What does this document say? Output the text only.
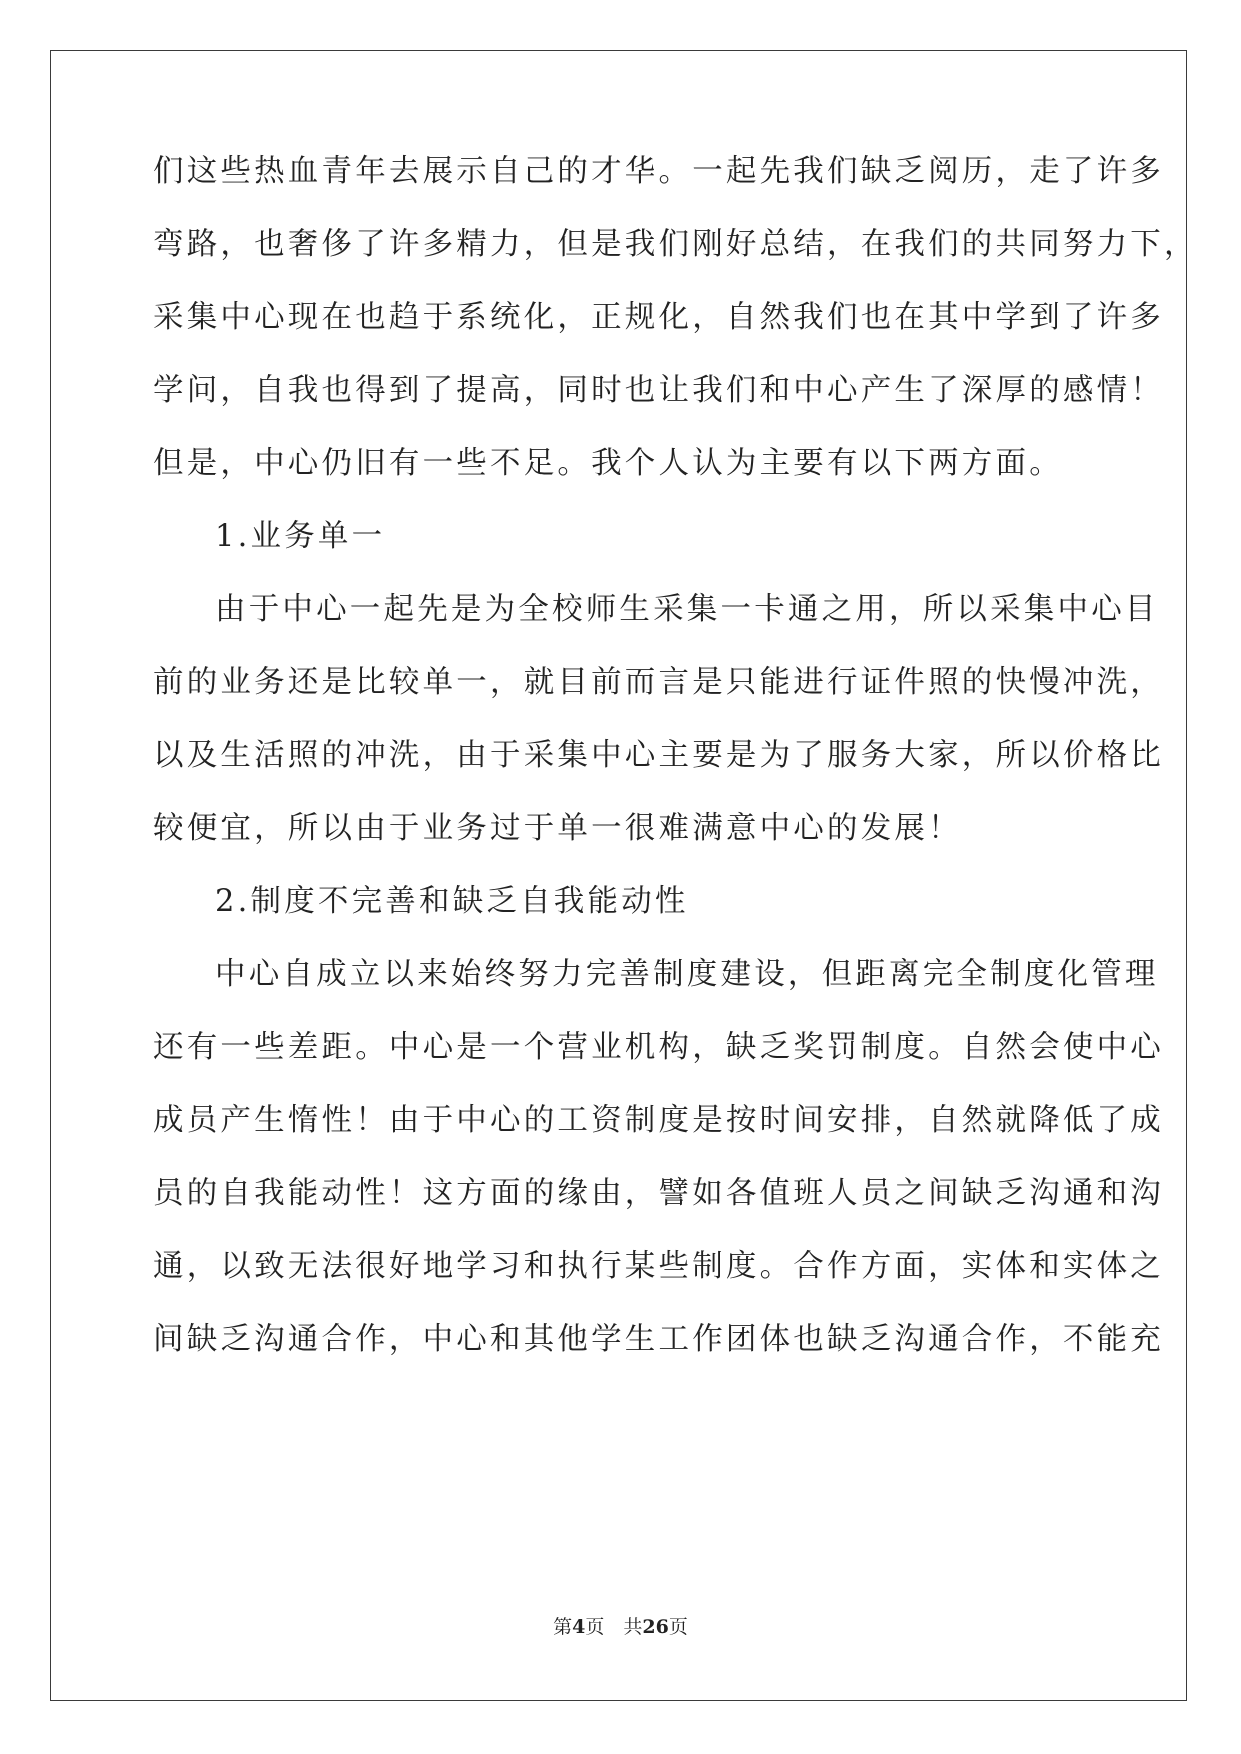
们这些热血青年去展示自己的才华。一起先我们缺乏阅历，走了许多
弯路，也奢侈了许多精力，但是我们刚好总结，在我们的共同努力下，
采集中心现在也趋于系统化，正规化，自然我们也在其中学到了许多
学问，自我也得到了提高，同时也让我们和中心产生了深厚的感情！
但是，中心仍旧有一些不足。我个人认为主要有以下两方面。
1.业务单一
由于中心一起先是为全校师生采集一卡通之用，所以采集中心目
前的业务还是比较单一，就目前而言是只能进行证件照的快慢冲洗，
以及生活照的冲洗，由于采集中心主要是为了服务大家，所以价格比
较便宜，所以由于业务过于单一很难满意中心的发展！
2.制度不完善和缺乏自我能动性
中心自成立以来始终努力完善制度建设，但距离完全制度化管理
还有一些差距。中心是一个营业机构，缺乏奖罚制度。自然会使中心
成员产生惰性！由于中心的工资制度是按时间安排，自然就降低了成
员的自我能动性！这方面的缘由，譬如各值班人员之间缺乏沟通和沟
通，以致无法很好地学习和执行某些制度。合作方面，实体和实体之
间缺乏沟通合作，中心和其他学生工作团体也缺乏沟通合作，不能充
第4页　共26页
